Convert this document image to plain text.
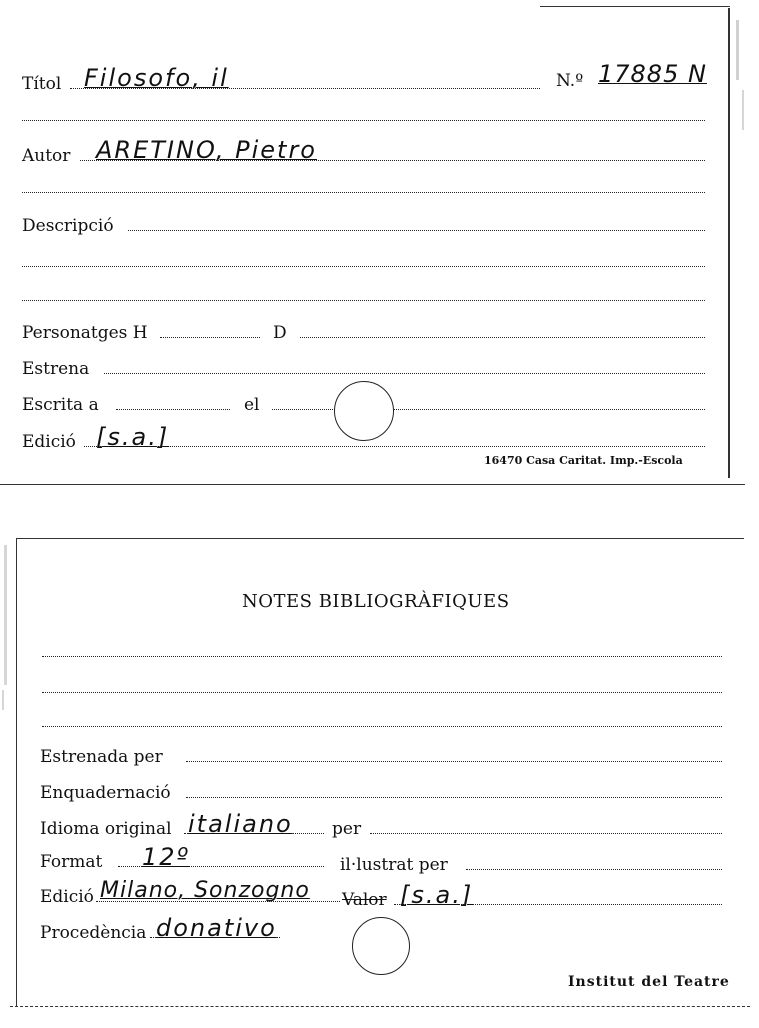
Títol Filosofo, il	N.º 17885 N
Autor ARETINO, Pietro
Descripció
Personatges H	D
Estrena
Escrita a	el
Edició [s.a.]
16470 Casa Caritat. Imp.-Escola
NOTES BIBLIOGRÀFIQUES
Estrenada per
Enquadernació
Idioma original italiano per
Format 12º	il·lustrat per
Edició Milano, Sonzogno Valor [s.a.]
Procedència donativo
Institut del Teatre
